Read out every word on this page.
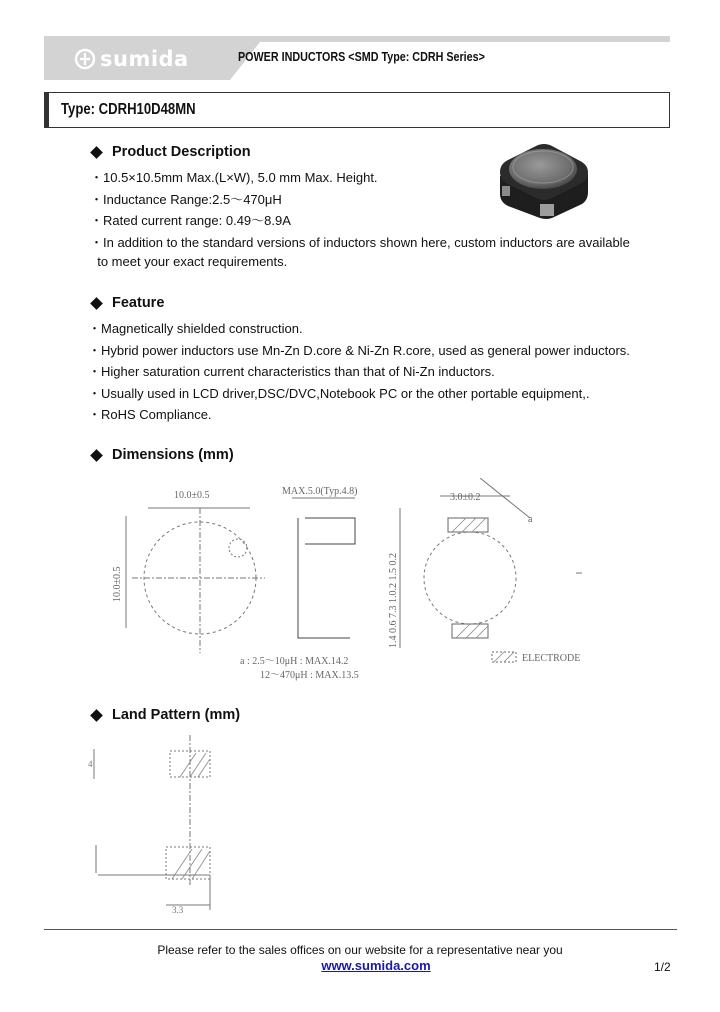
sumida	POWER INDUCTORS <SMD Type: CDRH Series>
Type: CDRH10D48MN
Product Description
・10.5×10.5mm Max.(L×W), 5.0 mm Max. Height.
・Inductance Range:2.5～470μH
・Rated current range: 0.49～8.9A
・In addition to the standard versions of inductors shown here, custom inductors are available
to meet your exact requirements.
Feature
・Magnetically shielded construction.
・Hybrid power inductors use Mn-Zn D.core & Ni-Zn R.core, used as general power inductors.
・Higher saturation current characteristics than that of Ni-Zn inductors.
・Usually used in LCD driver,DSC/DVC,Notebook PC or the other portable equipment,.
・RoHS Compliance.
Dimensions (mm)
10.0±0.5	MAX.5.0(Typ.4.8)
3.0±0.2
a
a : 2.5～10μH : MAX.14.2
12～470μH : MAX.13.5
ELECTRODE
10.0±0.5	1.4 0.6 7.3 1.0.2 1.5 0.2
Land Pattern (mm)
4
3.3
Please refer to the sales offices on our website for a representative near you
www.sumida.com	1/2
